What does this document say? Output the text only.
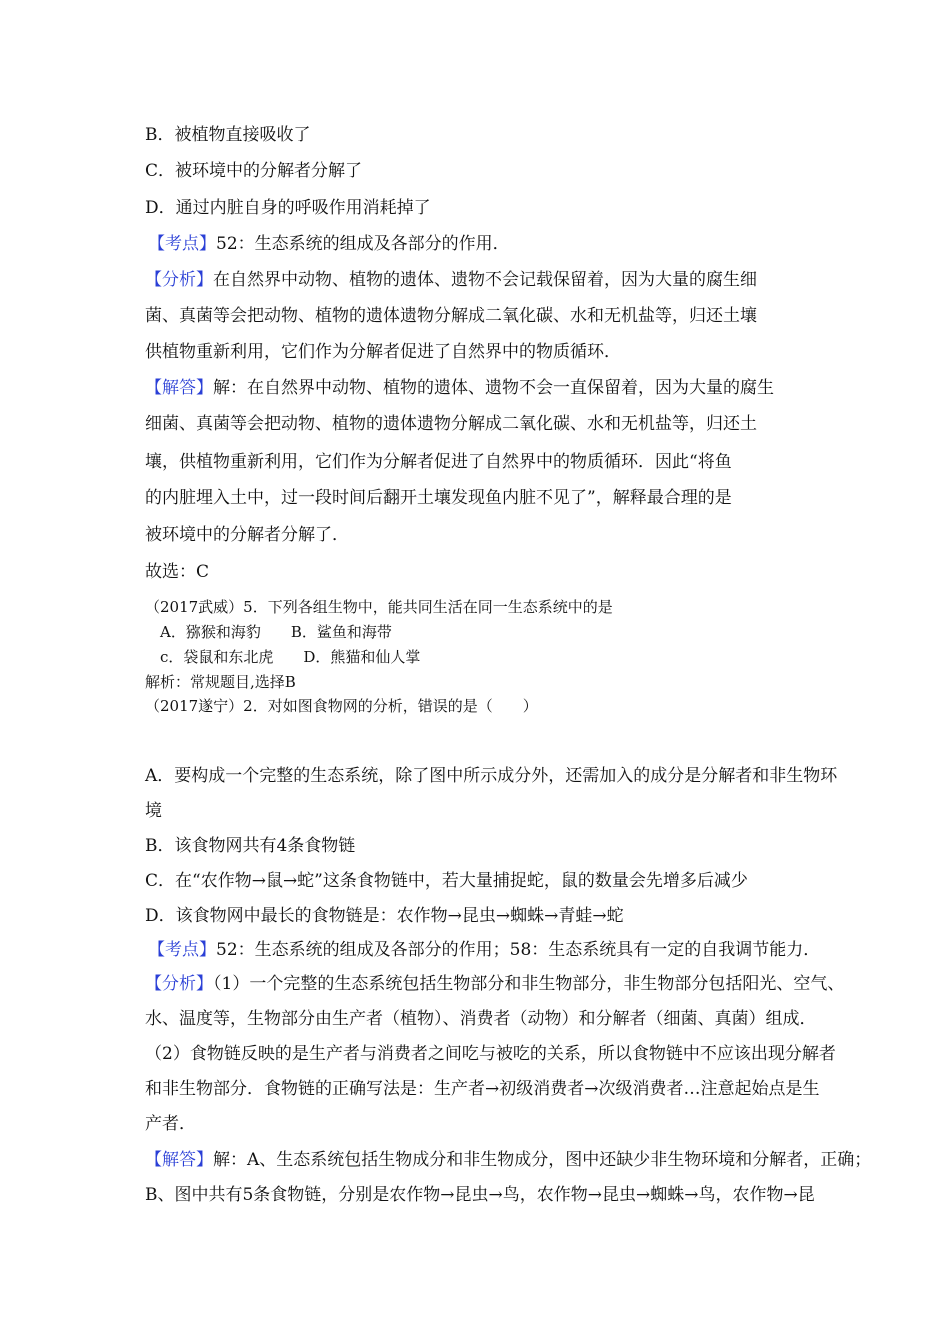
B．被植物直接吸收了
C．被环境中的分解者分解了
D．通过内脏自身的呼吸作用消耗掉了
【考点】52：生态系统的组成及各部分的作用．
【分析】在自然界中动物、植物的遗体、遗物不会记载保留着，因为大量的腐生细
菌、真菌等会把动物、植物的遗体遗物分解成二氧化碳、水和无机盐等，归还土壤
供植物重新利用，它们作为分解者促进了自然界中的物质循环．
【解答】解：在自然界中动物、植物的遗体、遗物不会一直保留着，因为大量的腐生
细菌、真菌等会把动物、植物的遗体遗物分解成二氧化碳、水和无机盐等，归还土
壤，供植物重新利用，它们作为分解者促进了自然界中的物质循环．因此“将鱼
的内脏埋入土中，过一段时间后翻开土壤发现鱼内脏不见了”，解释最合理的是
被环境中的分解者分解了．
故选：C
（2017武威）5．下列各组生物中，能共同生活在同一生态系统中的是
A．猕猴和海豹　　B．鲨鱼和海带
c．袋鼠和东北虎　　D．熊猫和仙人掌
解析：常规题目,选择B
（2017遂宁）2．对如图食物网的分析，错误的是（　　）
A．要构成一个完整的生态系统，除了图中所示成分外，还需加入的成分是分解者和非生物环
境
B．该食物网共有4条食物链
C．在“农作物→鼠→蛇”这条食物链中，若大量捕捉蛇，鼠的数量会先增多后减少
D．该食物网中最长的食物链是：农作物→昆虫→蜘蛛→青蛙→蛇
【考点】52：生态系统的组成及各部分的作用；58：生态系统具有一定的自我调节能力．
【分析】（1）一个完整的生态系统包括生物部分和非生物部分，非生物部分包括阳光、空气、
水、温度等，生物部分由生产者（植物）、消费者（动物）和分解者（细菌、真菌）组成．
（2）食物链反映的是生产者与消费者之间吃与被吃的关系，所以食物链中不应该出现分解者
和非生物部分．食物链的正确写法是：生产者→初级消费者→次级消费者…注意起始点是生
产者．
【解答】解：A、生态系统包括生物成分和非生物成分，图中还缺少非生物环境和分解者，正确；
B、图中共有5条食物链，分别是农作物→昆虫→鸟，农作物→昆虫→蜘蛛→鸟，农作物→昆
